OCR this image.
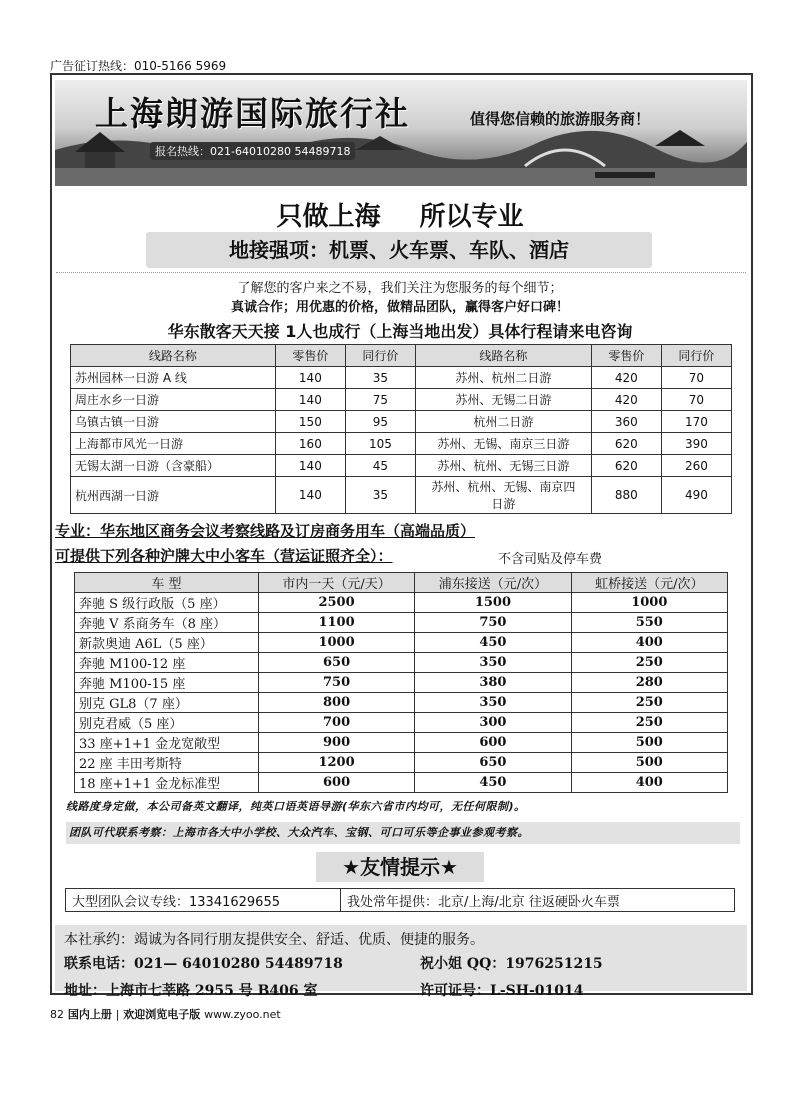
广告征订热线：010-5166 5969
上海朗游国际旅行社	值得您信赖的旅游服务商！
报名热线：021-64010280 54489718
只做上海 所以专业
地接强项：机票、火车票、车队、酒店
了解您的客户来之不易，我们关注为您服务的每个细节；
真诚合作；用优惠的价格，做精品团队，赢得客户好口碑！
华东散客天天接 1人也成行（上海当地出发）具体行程请来电咨询
线路名称	零售价	同行价	线路名称	零售价	同行价
苏州园林一日游 A 线	140	35	苏州、杭州二日游	420	70
周庄水乡一日游	140	75	苏州、无锡二日游	420	70
乌镇古镇一日游	150	95	杭州二日游	360	170
上海都市风光一日游	160	105	苏州、无锡、南京三日游	620	390
无锡太湖一日游（含豪船）	140	45	苏州、杭州、无锡三日游	620	260
杭州西湖一日游	140	35	苏州、杭州、无锡、南京四日游	880	490
专业：华东地区商务会议考察线路及订房商务用车（高端品质）
可提供下列各种沪牌大中小客车（营运证照齐全）：	不含司贴及停车费
车 型	市内一天（元/天）	浦东接送（元/次）	虹桥接送（元/次）
奔驰 S 级行政版（5 座）	2500	1500	1000
奔驰 V 系商务车（8 座）	1100	750	550
新款奥迪 A6L（5 座）	1000	450	400
奔驰 M100-12 座	650	350	250
奔驰 M100-15 座	750	380	280
别克 GL8（7 座）	800	350	250
别克君威（5 座）	700	300	250
33 座+1+1 金龙宽敞型	900	600	500
22 座 丰田考斯特	1200	650	500
18 座+1+1 金龙标准型	600	450	400
线路度身定做，本公司备英文翻译，纯英口语英语导游(华东六省市内均可，无任何限制)。
团队可代联系考察：上海市各大中小学校、大众汽车、宝钢、可口可乐等企事业参观考察。
★友情提示★
大型团队会议专线：13341629655	我处常年提供：北京/上海/北京 往返硬卧火车票
本社承约：竭诚为各同行朋友提供安全、舒适、优质、便捷的服务。
联系电话：021— 64010280 54489718	祝小姐 QQ：1976251215
地址：上海市七莘路 2955 号 B406 室	许可证号：L-SH-01014
82 国内上册 | 欢迎浏览电子版 www.zyoo.net
